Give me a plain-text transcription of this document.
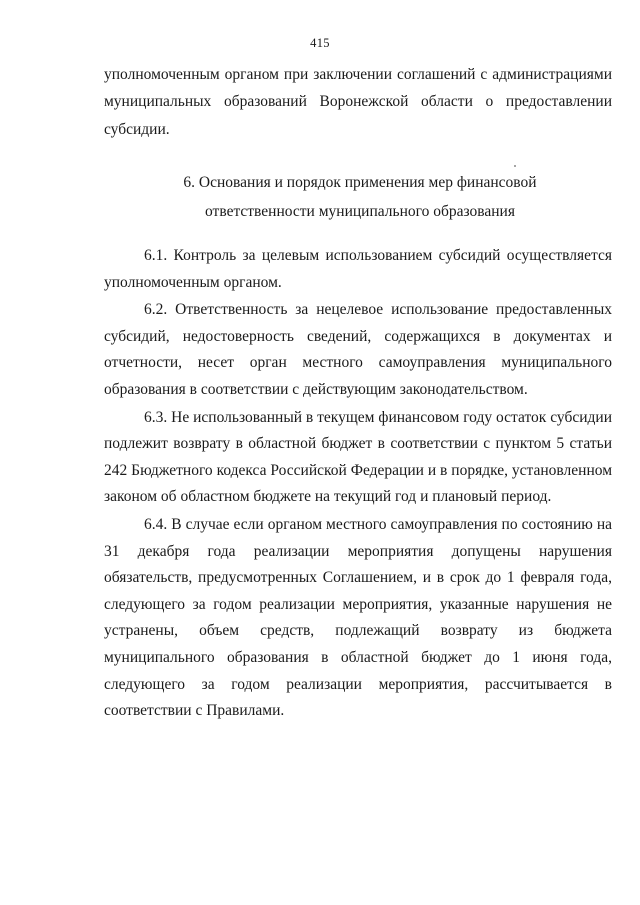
415
уполномоченным органом при заключении соглашений с администрациями муниципальных образований Воронежской области о предоставлении субсидии.
6. Основания и порядок применения мер финансовой
ответственности муниципального образования

6.1. Контроль за целевым использованием субсидий осуществляется уполномоченным органом.

6.2. Ответственность за нецелевое использование предоставленных субсидий, недостоверность сведений, содержащихся в документах и отчетности, несет орган местного самоуправления муниципального образования в соответствии с действующим законодательством.

6.3. Не использованный в текущем финансовом году остаток субсидии подлежит возврату в областной бюджет в соответствии с пунктом 5 статьи 242 Бюджетного кодекса Российской Федерации и в порядке, установленном законом об областном бюджете на текущий год и плановый период.

6.4. В случае если органом местного самоуправления по состоянию на 31 декабря года реализации мероприятия допущены нарушения обязательств, предусмотренных Соглашением, и в срок до 1 февраля года, следующего за годом реализации мероприятия, указанные нарушения не устранены, объем средств, подлежащий возврату из бюджета муниципального образования в областной бюджет до 1 июня года, следующего за годом реализации мероприятия, рассчитывается в соответствии с Правилами.
